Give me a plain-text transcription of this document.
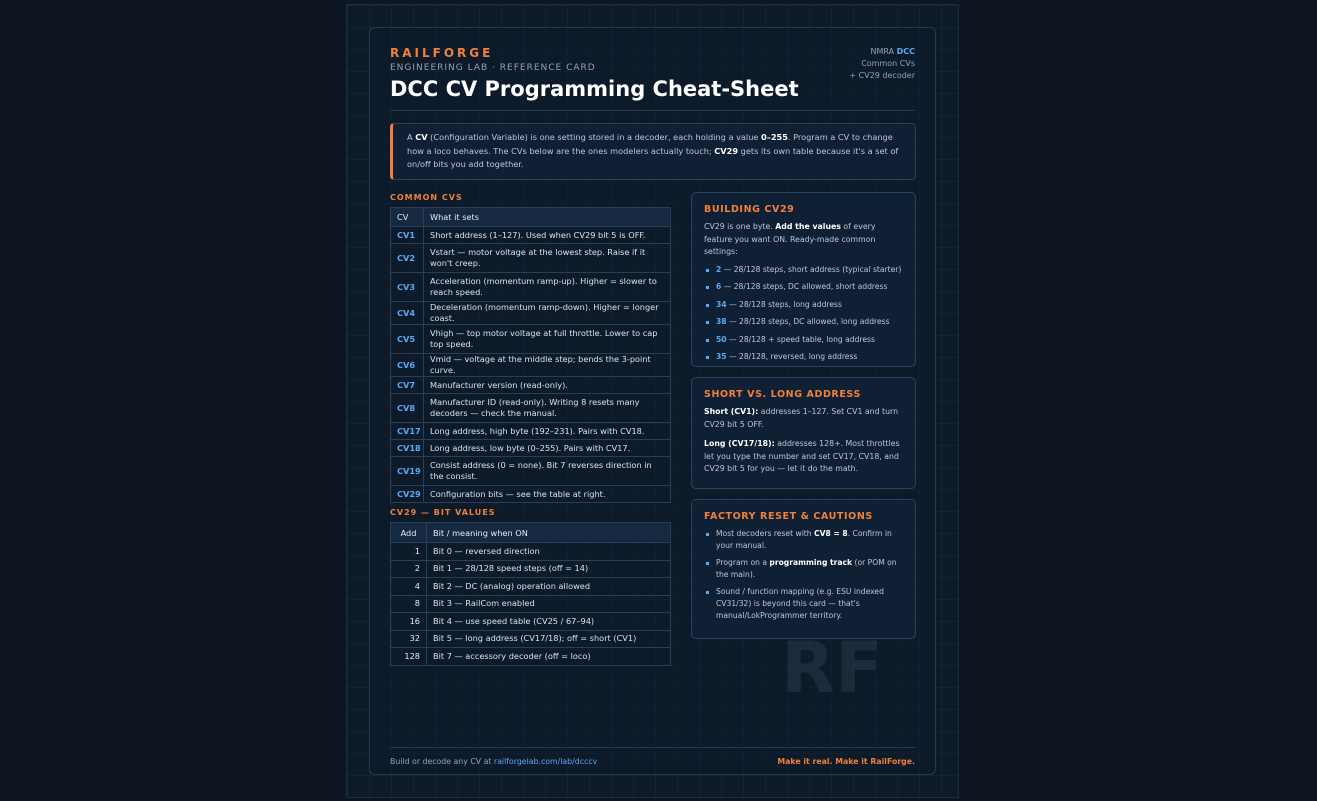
RAILFORGE
ENGINEERING LAB · REFERENCE CARD
DCC CV Programming Cheat-Sheet
NMRA DCC
Common CVs
+ CV29 decoder
A CV (Configuration Variable) is one setting stored in a decoder, each holding a value 0–255. Program a CV to change how a loco behaves. The CVs below are the ones modelers actually touch; CV29 gets its own table because it's a set of on/off bits you add together.
COMMON CVS
CV	What it sets
CV1	Short address (1–127). Used when CV29 bit 5 is OFF.
CV2	Vstart — motor voltage at the lowest step. Raise if it won't creep.
CV3	Acceleration (momentum ramp-up). Higher = slower to reach speed.
CV4	Deceleration (momentum ramp-down). Higher = longer coast.
CV5	Vhigh — top motor voltage at full throttle. Lower to cap top speed.
CV6	Vmid — voltage at the middle step; bends the 3-point curve.
CV7	Manufacturer version (read-only).
CV8	Manufacturer ID (read-only). Writing 8 resets many decoders — check the manual.
CV17	Long address, high byte (192–231). Pairs with CV18.
CV18	Long address, low byte (0–255). Pairs with CV17.
CV19	Consist address (0 = none). Bit 7 reverses direction in the consist.
CV29	Configuration bits — see the table at right.
CV29 — BIT VALUES
Add	Bit / meaning when ON
1	Bit 0 — reversed direction
2	Bit 1 — 28/128 speed steps (off = 14)
4	Bit 2 — DC (analog) operation allowed
8	Bit 3 — RailCom enabled
16	Bit 4 — use speed table (CV25 / 67–94)
32	Bit 5 — long address (CV17/18); off = short (CV1)
128	Bit 7 — accessory decoder (off = loco)
BUILDING CV29
CV29 is one byte. Add the values of every feature you want ON. Ready-made common settings:
2 — 28/128 steps, short address (typical starter)
6 — 28/128 steps, DC allowed, short address
34 — 28/128 steps, long address
38 — 28/128 steps, DC allowed, long address
50 — 28/128 + speed table, long address
35 — 28/128, reversed, long address
SHORT VS. LONG ADDRESS
Short (CV1): addresses 1–127. Set CV1 and turn CV29 bit 5 OFF.
Long (CV17/18): addresses 128+. Most throttles let you type the number and set CV17, CV18, and CV29 bit 5 for you — let it do the math.
FACTORY RESET & CAUTIONS
Most decoders reset with CV8 = 8. Confirm in your manual.
Program on a programming track (or POM on the main).
Sound / function mapping (e.g. ESU indexed CV31/32) is beyond this card — that's manual/LokProgrammer territory.
RF
Build or decode any CV at railforgelab.com/lab/dcccv	Make it real. Make it RailForge.
